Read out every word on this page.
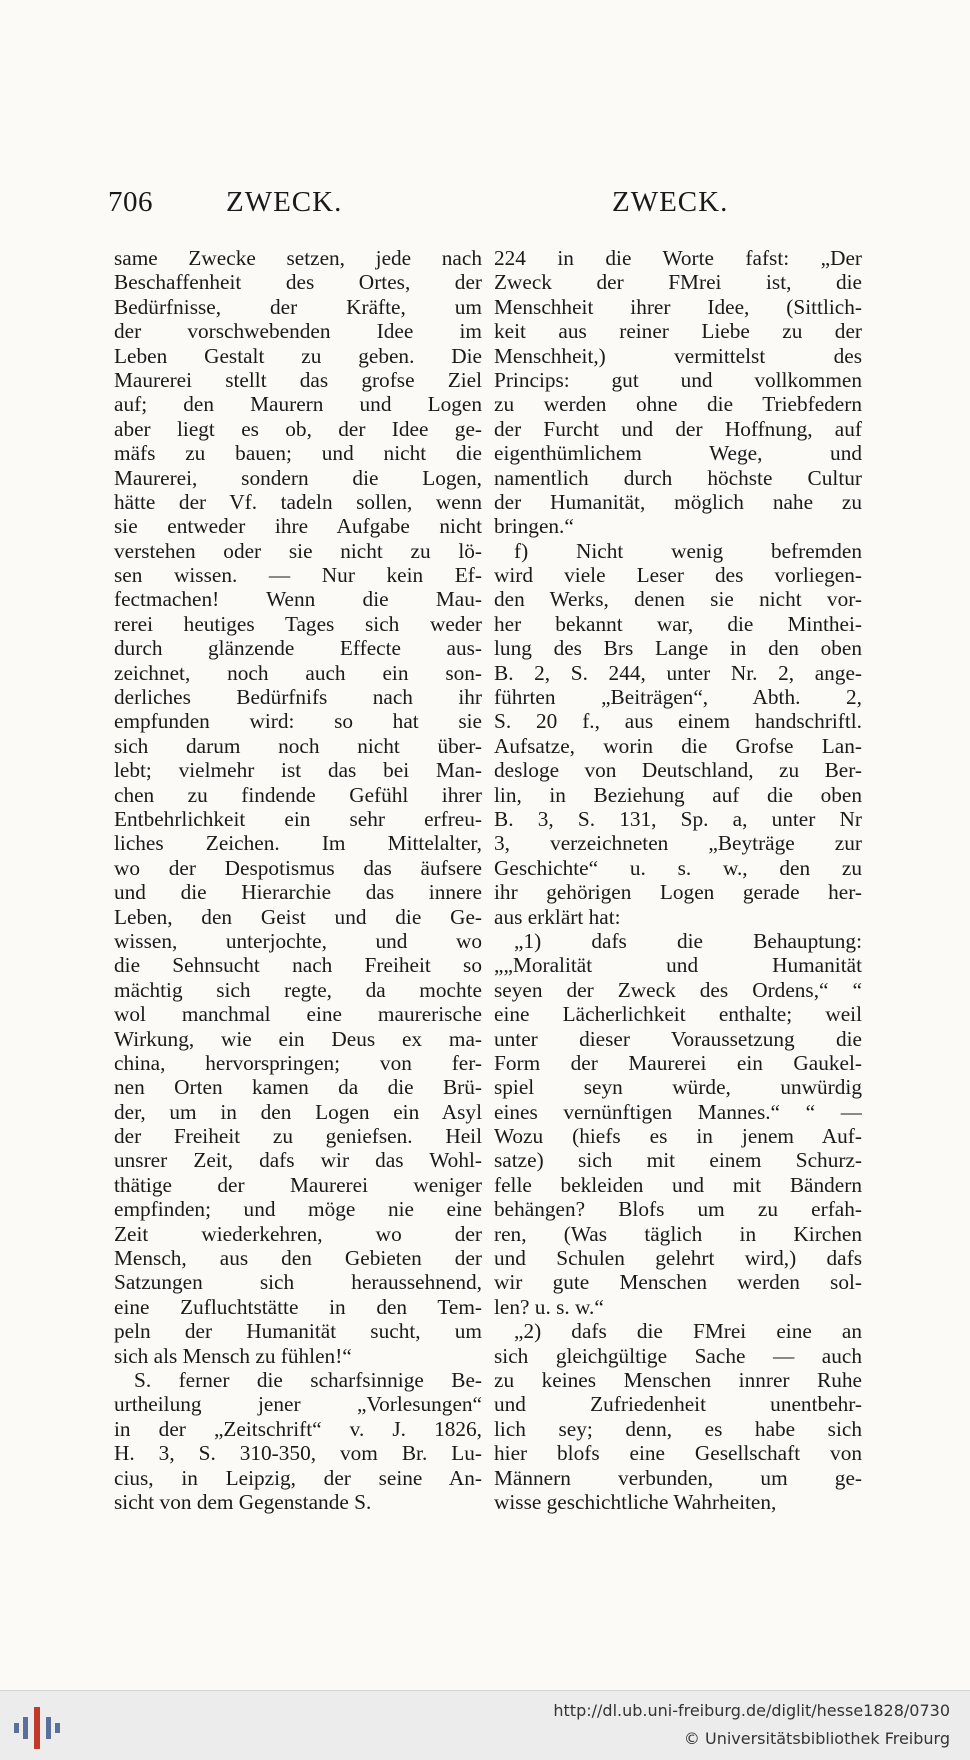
706	ZWECK.	ZWECK.
same Zwecke setzen, jede nach
Beschaffenheit des Ortes, der
Bedürfnisse, der Kräfte, um
der vorschwebenden Idee im
Leben Gestalt zu geben. Die
Maurerei stellt das grofse Ziel
auf; den Maurern und Logen
aber liegt es ob, der Idee ge-
mäfs zu bauen; und nicht die
Maurerei, sondern die Logen,
hätte der Vf. tadeln sollen, wenn
sie entweder ihre Aufgabe nicht
verstehen oder sie nicht zu lö-
sen wissen. — Nur kein Ef-
fectmachen! Wenn die Mau-
rerei heutiges Tages sich weder
durch glänzende Effecte aus-
zeichnet, noch auch ein son-
derliches Bedürfnifs nach ihr
empfunden wird: so hat sie
sich darum noch nicht über-
lebt; vielmehr ist das bei Man-
chen zu findende Gefühl ihrer
Entbehrlichkeit ein sehr erfreu-
liches Zeichen. Im Mittelalter,
wo der Despotismus das äufsere
und die Hierarchie das innere
Leben, den Geist und die Ge-
wissen, unterjochte, und wo
die Sehnsucht nach Freiheit so
mächtig sich regte, da mochte
wol manchmal eine maurerische
Wirkung, wie ein Deus ex ma-
china, hervorspringen; von fer-
nen Orten kamen da die Brü-
der, um in den Logen ein Asyl
der Freiheit zu geniefsen. Heil
unsrer Zeit, dafs wir das Wohl-
thätige der Maurerei weniger
empfinden; und möge nie eine
Zeit wiederkehren, wo der
Mensch, aus den Gebieten der
Satzungen sich heraussehnend,
eine Zufluchtstätte in den Tem-
peln der Humanität sucht, um
sich als Mensch zu fühlen!“
S. ferner die scharfsinnige Be-
urtheilung jener „Vorlesungen“
in der „Zeitschrift“ v. J. 1826,
H. 3, S. 310-350, vom Br. Lu-
cius, in Leipzig, der seine An-
sicht von dem Gegenstande S.
224 in die Worte fafst: „Der
Zweck der FMrei ist, die
Menschheit ihrer Idee, (Sittlich-
keit aus reiner Liebe zu der
Menschheit,) vermittelst des
Princips: gut und vollkommen
zu werden ohne die Triebfedern
der Furcht und der Hoffnung, auf
eigenthümlichem Wege, und
namentlich durch höchste Cultur
der Humanität, möglich nahe zu
bringen.“
f) Nicht wenig befremden
wird viele Leser des vorliegen-
den Werks, denen sie nicht vor-
her bekannt war, die Minthei-
lung des Brs Lange in den oben
B. 2, S. 244, unter Nr. 2, ange-
führten „Beiträgen“, Abth. 2,
S. 20 f., aus einem handschriftl.
Aufsatze, worin die Grofse Lan-
desloge von Deutschland, zu Ber-
lin, in Beziehung auf die oben
B. 3, S. 131, Sp. a, unter Nr
3, verzeichneten „Beyträge zur
Geschichte“ u. s. w., den zu
ihr gehörigen Logen gerade her-
aus erklärt hat:
„1) dafs die Behauptung:
„„Moralität und Humanität
seyen der Zweck des Ordens,“ “
eine Lächerlichkeit enthalte; weil
unter dieser Voraussetzung die
Form der Maurerei ein Gaukel-
spiel seyn würde, unwürdig
eines vernünftigen Mannes.“ “ —
Wozu (hiefs es in jenem Auf-
satze) sich mit einem Schurz-
felle bekleiden und mit Bändern
behängen? Blofs um zu erfah-
ren, (Was täglich in Kirchen
und Schulen gelehrt wird,) dafs
wir gute Menschen werden sol-
len? u. s. w.“
„2) dafs die FMrei eine an
sich gleichgültige Sache — auch
zu keines Menschen innrer Ruhe
und Zufriedenheit unentbehr-
lich sey; denn, es habe sich
hier blofs eine Gesellschaft von
Männern verbunden, um ge-
wisse geschichtliche Wahrheiten,
http://dl.ub.uni-freiburg.de/diglit/hesse1828/0730
© Universitätsbibliothek Freiburg
